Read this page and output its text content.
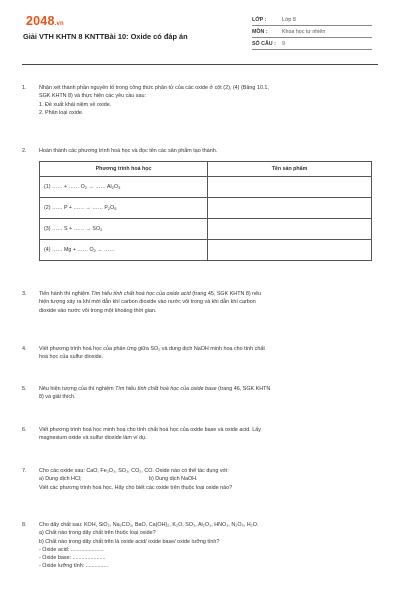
2048.vn
Giải VTH KHTN 8 KNTTBài 10: Oxide có đáp án
LỚP :	Lớp 8
MÔN :	Khoa học tự nhiên
SỐ CÂU :	9
1.	Nhận xét thành phần nguyên tố trong công thức phân tử của các oxide ở cột (2), (4) (Bảng 10.1,
SGK KHTN 8) và thực hiện các yêu cầu sau:
1. Đề xuất khái niệm về oxide.
2. Phân loại oxide.
2.	Hoàn thành các phương trình hoá học và đọc tên các sản phẩm tạo thành.
Phương trình hoá học	Tên sản phẩm
(1) …… + …… $O_2$ → …… $Al_2O_3$	
(2) …… P + …… → …… $P_2O_5$	
(3) …… S + …… → $SO_2$	
(4) …… Mg + …… $O_2$ → ……	
3.	Tiến hành thí nghiệm Tìm hiểu tính chất hoá học của oxide acid (trang 45, SGK KHTN 8) nêu
hiện tượng xảy ra khi mới dẫn khí carbon dioxide vào nước vôi trong và khi dẫn khí carbon
dioxide vào nước vôi trong một khoảng thời gian.
4.	Viết phương trình hoá học của phản ứng giữa SO₂ và dung dịch NaOH minh hoạ cho tính chất
hoá học của sulfur dioxide.
5.	Nêu hiện tượng của thí nghiệm Tìm hiểu tính chất hoá học của oxide base (trang 46, SGK KHTN
8) và giải thích.
6.	Viết phương trình hoá học minh hoạ cho tính chất hoá học của oxide base và oxide acid. Lấy
magnesium oxide và sulfur dioxide làm ví dụ.
7.	Cho các oxide sau: CaO, Fe₂O₃, SO₃, CO₂, CO. Oxide nào có thể tác dụng với:
a) Dung dịch HCl;	b) Dung dịch NaOH.
Viết các phương trình hoá học. Hãy cho biết các oxide trên thuộc loại oxide nào?
8.	Cho dãy chất sau: KOH, SiO₂, Na₂CO₃, BaO, Ca(OH)₂, K₂O, SO₃, Al₂O₃, HNO₃, N₂O₅, H₂O.
a) Chất nào trong dãy chất trên thuộc loại oxide?
b) Chất nào trong dãy chất trên là oxide acid/ oxide base/ oxide lưỡng tính?
- Oxide acid: ......................
- Oxide base: ......................
- Oxide lưỡng tính: ...............
